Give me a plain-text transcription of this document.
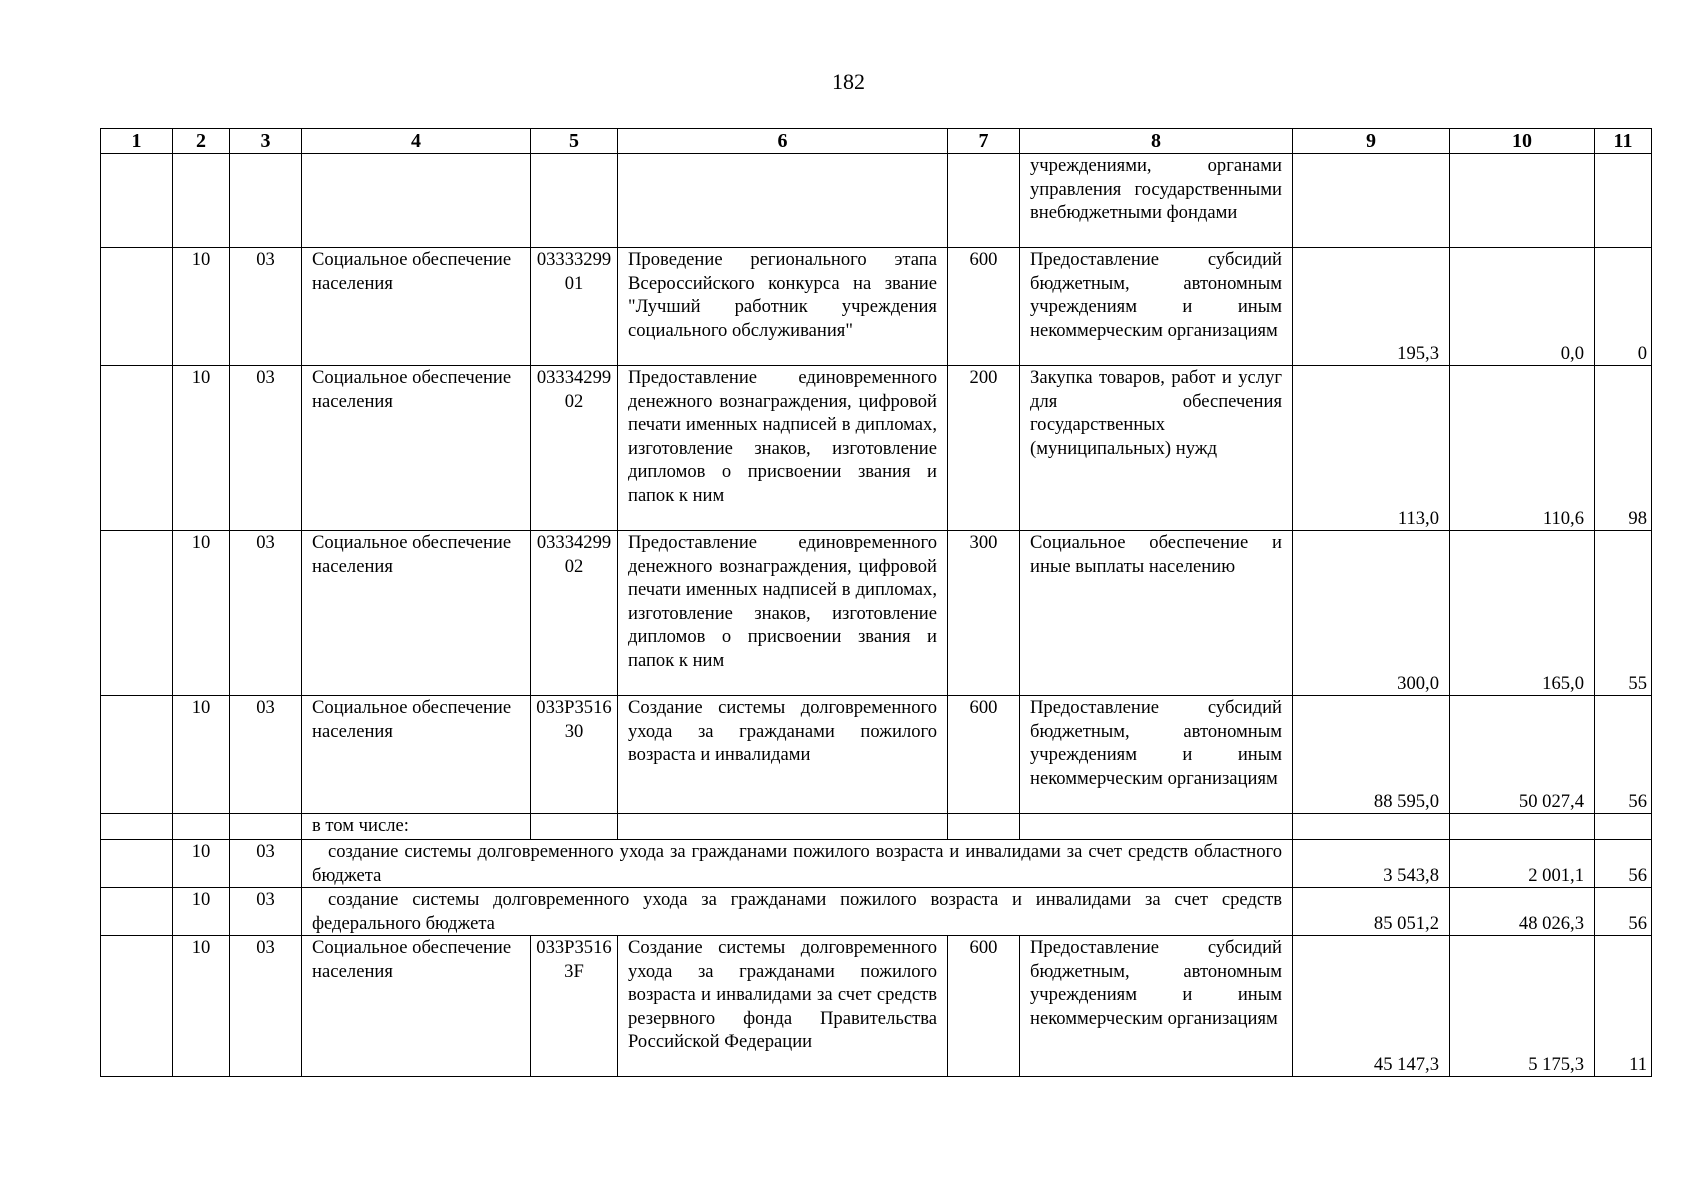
182
1	2	3	4	5	6	7	8	9	10	11
							учреждениями, органами управления государственными внебюджетными фондами			
	10	03	Социальное обеспечение населения	0333329901	Проведение регионального этапа Всероссийского конкурса на звание "Лучший работник учреждения социального обслуживания"	600	Предоставление субсидий бюджетным, автономным учреждениям и иным некоммерческим организациям	195,3	0,0	0
	10	03	Социальное обеспечение населения	0333429902	Предоставление единовременного денежного вознаграждения, цифровой печати именных надписей в дипломах, изготовление знаков, изготовление дипломов о присвоении звания и папок к ним	200	Закупка товаров, работ и услуг для обеспечения государственных (муниципальных) нужд	113,0	110,6	98
	10	03	Социальное обеспечение населения	0333429902	Предоставление единовременного денежного вознаграждения, цифровой печати именных надписей в дипломах, изготовление знаков, изготовление дипломов о присвоении звания и папок к ним	300	Социальное обеспечение и иные выплаты населению	300,0	165,0	55
	10	03	Социальное обеспечение населения	033P351630	Создание системы долговременного ухода за гражданами пожилого возраста и инвалидами	600	Предоставление субсидий бюджетным, автономным учреждениям и иным некоммерческим организациям	88 595,0	50 027,4	56
			в том числе:							
	10	03	создание системы долговременного ухода за гражданами пожилого возраста и инвалидами за счет средств областного бюджета					3 543,8	2 001,1	56
	10	03	создание системы долговременного ухода за гражданами пожилого возраста и инвалидами за счет средств федерального бюджета					85 051,2	48 026,3	56
	10	03	Социальное обеспечение населения	033P35163F	Создание системы долговременного ухода за гражданами пожилого возраста и инвалидами за счет средств резервного фонда Правительства Российской Федерации	600	Предоставление субсидий бюджетным, автономным учреждениям и иным некоммерческим организациям	45 147,3	5 175,3	11
